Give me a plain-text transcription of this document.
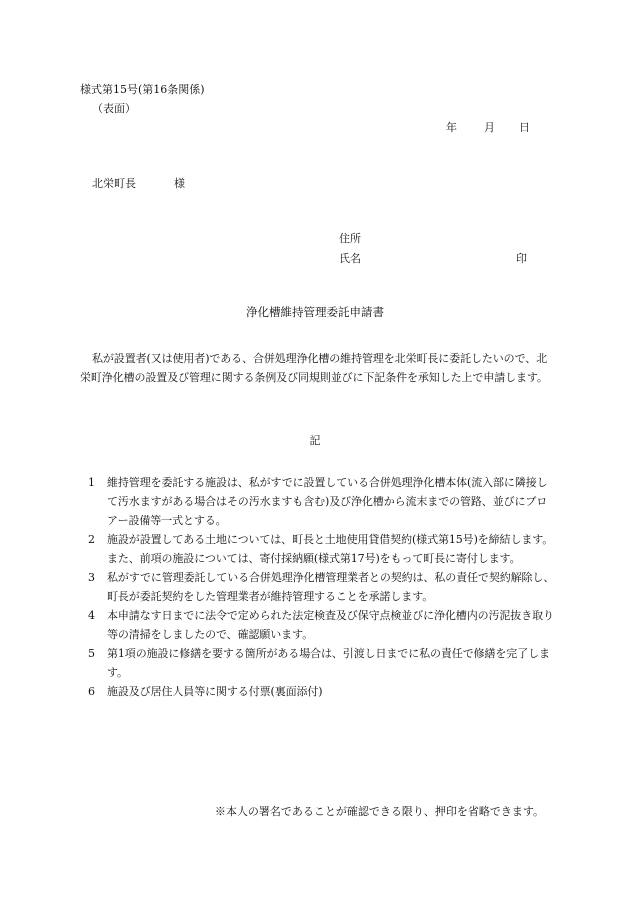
様式第15号(第16条関係)
（表面）
年 月 日
北栄町長	様
住所
氏名	印
浄化槽維持管理委託申請書

私が設置者(又は使用者)である、合併処理浄化槽の維持管理を北栄町長に委託したいので、北栄町浄化槽の設置及び管理に関する条例及び同規則並びに下記条件を承知した上で申請します。

記
1	維持管理を委託する施設は、私がすでに設置している合併処理浄化槽本体(流入部に隣接して汚水ますがある場合はその汚水ますも含む)及び浄化槽から流末までの管路、並びにブロアー設備等一式とする。
2	施設が設置してある土地については、町長と土地使用貸借契約(様式第15号)を締結します。また、前項の施設については、寄付採納願(様式第17号)をもって町長に寄付します。
3	私がすでに管理委託している合併処理浄化槽管理業者との契約は、私の責任で契約解除し、町長が委託契約をした管理業者が維持管理することを承諾します。
4	本申請なす日までに法令で定められた法定検査及び保守点検並びに浄化槽内の汚泥抜き取り等の清掃をしましたので、確認願います。
5	第1項の施設に修繕を要する箇所がある場合は、引渡し日までに私の責任で修繕を完了します。
6	施設及び居住人員等に関する付票(裏面添付)
※本人の署名であることが確認できる限り、押印を省略できます。
